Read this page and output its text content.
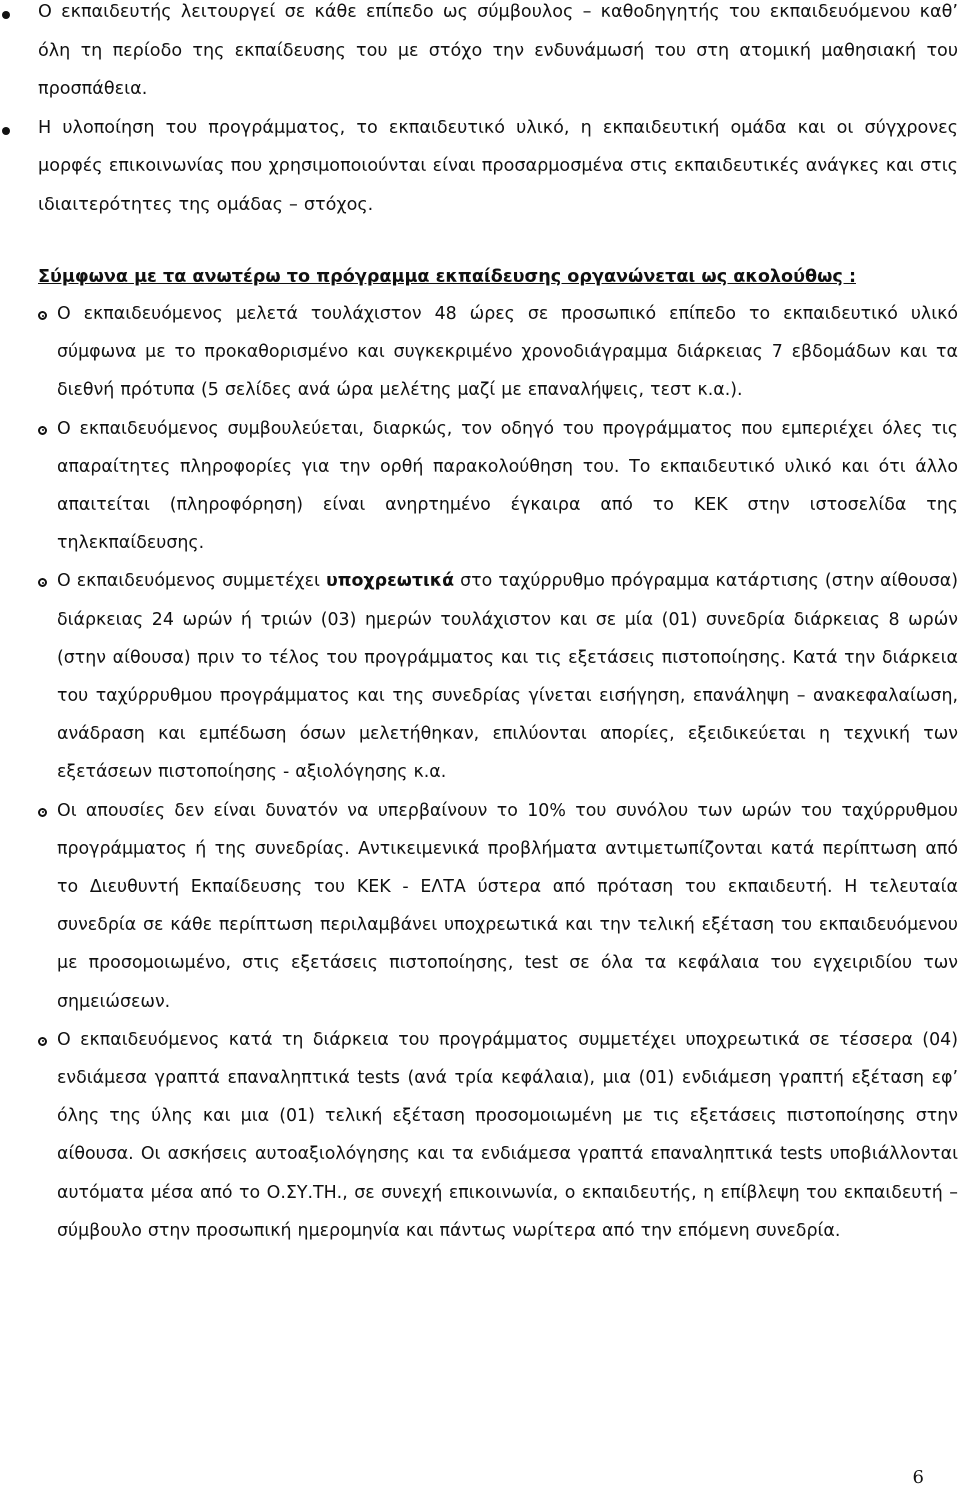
Ο εκπαιδευτής λειτουργεί σε κάθε επίπεδο ως σύμβουλος – καθοδηγητής του εκπαιδευόμενου καθ’ όλη τη περίοδο της εκπαίδευσης του με στόχο την ενδυνάμωσή του στη ατομική μαθησιακή του προσπάθεια.

Η υλοποίηση του προγράμματος, το εκπαιδευτικό υλικό, η εκπαιδευτική ομάδα και οι σύγχρονες μορφές επικοινωνίας που χρησιμοποιούνται είναι προσαρμοσμένα στις εκπαιδευτικές ανάγκες και στις ιδιαιτερότητες της ομάδας – στόχος.

Σύμφωνα με τα ανωτέρω το πρόγραμμα εκπαίδευσης οργανώνεται ως ακολούθως :

Ο εκπαιδευόμενος μελετά τουλάχιστον 48 ώρες σε προσωπικό επίπεδο το εκπαιδευτικό υλικό σύμφωνα με το προκαθορισμένο και συγκεκριμένο χρονοδιάγραμμα διάρκειας 7 εβδομάδων και τα διεθνή πρότυπα (5 σελίδες ανά ώρα μελέτης μαζί με επαναλήψεις, τεστ κ.α.).

Ο εκπαιδευόμενος συμβουλεύεται, διαρκώς, τον οδηγό του προγράμματος που εμπεριέχει όλες τις απαραίτητες πληροφορίες για την ορθή παρακολούθηση του. Το εκπαιδευτικό υλικό και ότι άλλο απαιτείται (πληροφόρηση) είναι ανηρτημένο έγκαιρα από το ΚΕΚ στην ιστοσελίδα της τηλεκπαίδευσης.

Ο εκπαιδευόμενος συμμετέχει υποχρεωτικά στο ταχύρρυθμο πρόγραμμα κατάρτισης (στην αίθουσα) διάρκειας 24 ωρών ή τριών (03) ημερών τουλάχιστον και σε μία (01) συνεδρία διάρκειας 8 ωρών (στην αίθουσα) πριν το τέλος του προγράμματος και τις εξετάσεις πιστοποίησης. Κατά την διάρκεια του ταχύρρυθμου προγράμματος και της συνεδρίας γίνεται εισήγηση, επανάληψη – ανακεφαλαίωση, ανάδραση και εμπέδωση όσων μελετήθηκαν, επιλύονται απορίες, εξειδικεύεται η τεχνική των εξετάσεων πιστοποίησης - αξιολόγησης κ.α.

Οι απουσίες δεν είναι δυνατόν να υπερβαίνουν το 10% του συνόλου των ωρών του ταχύρρυθμου προγράμματος ή της συνεδρίας. Αντικειμενικά προβλήματα αντιμετωπίζονται κατά περίπτωση από το Διευθυντή Εκπαίδευσης του ΚΕΚ - ΕΛΤΑ ύστερα από πρόταση του εκπαιδευτή. Η τελευταία συνεδρία σε κάθε περίπτωση περιλαμβάνει υποχρεωτικά και την τελική εξέταση του εκπαιδευόμενου με προσομοιωμένο, στις εξετάσεις πιστοποίησης, test σε όλα τα κεφάλαια του εγχειριδίου των σημειώσεων.

Ο εκπαιδευόμενος κατά τη διάρκεια του προγράμματος συμμετέχει υποχρεωτικά σε τέσσερα (04) ενδιάμεσα γραπτά επαναληπτικά tests (ανά τρία κεφάλαια), μια (01) ενδιάμεση γραπτή εξέταση εφ’ όλης της ύλης και μια (01) τελική εξέταση προσομοιωμένη με τις εξετάσεις πιστοποίησης στην αίθουσα. Οι ασκήσεις αυτοαξιολόγησης και τα ενδιάμεσα γραπτά επαναληπτικά tests υποβιάλλονται αυτόματα μέσα από το Ο.ΣΥ.ΤΗ., σε συνεχή επικοινωνία, ο εκπαιδευτής, η επίβλεψη του εκπαιδευτή – σύμβουλο στην προσωπική ημερομηνία και πάντως νωρίτερα από την επόμενη συνεδρία.

6
